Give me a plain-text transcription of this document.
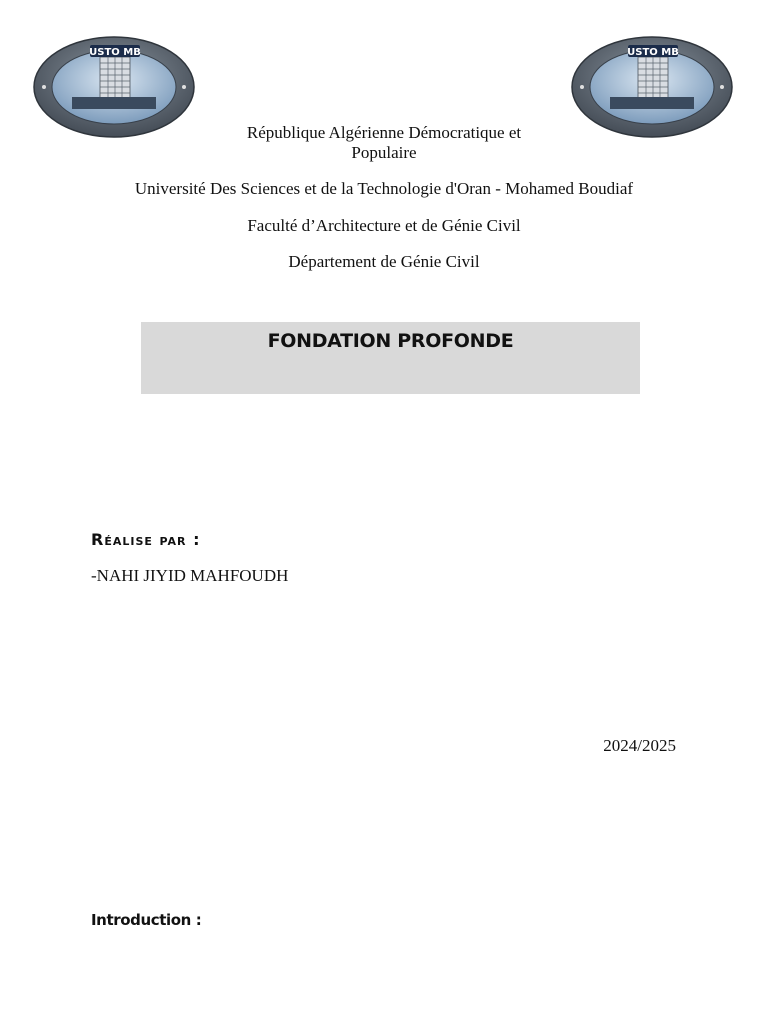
USTO MB	USTO MB
République Algérienne Démocratique et Populaire
Université Des Sciences et de la Technologie d'Oran - Mohamed Boudiaf
Faculté d’Architecture et de Génie Civil
Département de Génie Civil
FONDATION PROFONDE
Réalise par :
-NAHI JIYID MAHFOUDH
2024/2025
Introduction :
